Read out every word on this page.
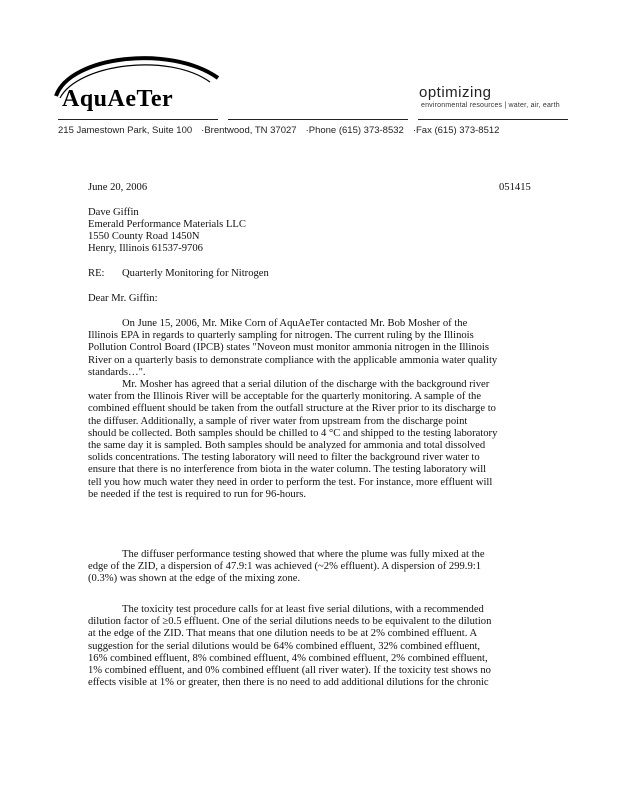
AquAeTer	optimizing
environmental resources | water, air, earth
215 Jamestown Park, Suite 100 ·Brentwood, TN 37027 ·Phone (615) 373-8532 ·Fax (615) 373-8512
June 20, 2006	051415
Dave Giffin
Emerald Performance Materials LLC
1550 County Road 1450N
Henry, Illinois 61537-9706
RE: Quarterly Monitoring for Nitrogen
Dear Mr. Giffin:
On June 15, 2006, Mr. Mike Corn of AquAeTer contacted Mr. Bob Mosher of the
Illinois EPA in regards to quarterly sampling for nitrogen. The current ruling by the Illinois
Pollution Control Board (IPCB) states "Noveon must monitor ammonia nitrogen in the Illinois
River on a quarterly basis to demonstrate compliance with the applicable ammonia water quality
standards…".
Mr. Mosher has agreed that a serial dilution of the discharge with the background river
water from the Illinois River will be acceptable for the quarterly monitoring. A sample of the
combined effluent should be taken from the outfall structure at the River prior to its discharge to
the diffuser. Additionally, a sample of river water from upstream from the discharge point
should be collected. Both samples should be chilled to 4 °C and shipped to the testing laboratory
the same day it is sampled. Both samples should be analyzed for ammonia and total dissolved
solids concentrations. The testing laboratory will need to filter the background river water to
ensure that there is no interference from biota in the water column. The testing laboratory will
tell you how much water they need in order to perform the test. For instance, more effluent will
be needed if the test is required to run for 96-hours.
The diffuser performance testing showed that where the plume was fully mixed at the
edge of the ZID, a dispersion of 47.9:1 was achieved (~2% effluent). A dispersion of 299.9:1
(0.3%) was shown at the edge of the mixing zone.
The toxicity test procedure calls for at least five serial dilutions, with a recommended
dilution factor of ≥0.5 effluent. One of the serial dilutions needs to be equivalent to the dilution
at the edge of the ZID. That means that one dilution needs to be at 2% combined effluent. A
suggestion for the serial dilutions would be 64% combined effluent, 32% combined effluent,
16% combined effluent, 8% combined effluent, 4% combined effluent, 2% combined effluent,
1% combined effluent, and 0% combined effluent (all river water). If the toxicity test shows no
effects visible at 1% or greater, then there is no need to add additional dilutions for the chronic
